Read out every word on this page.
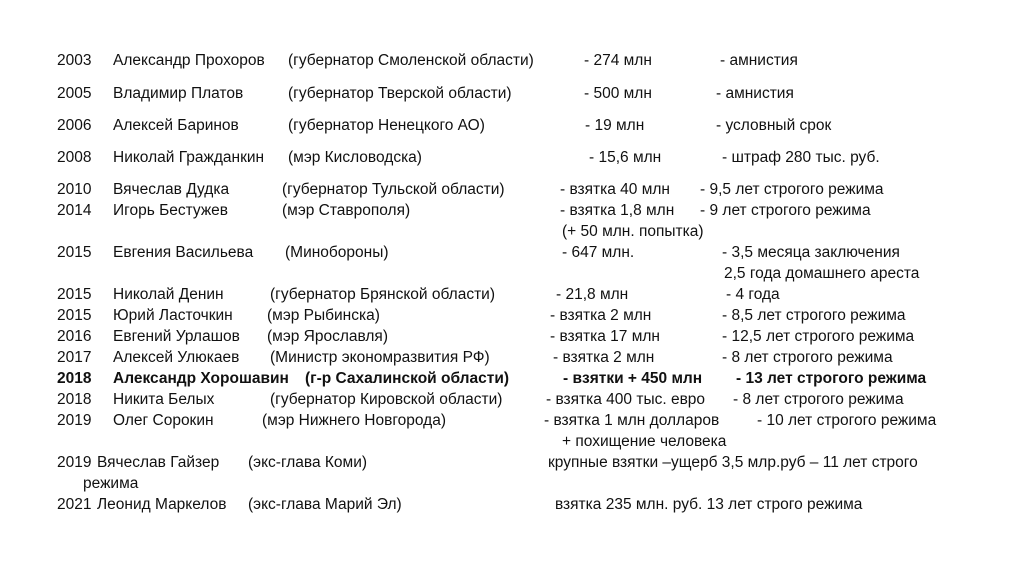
2003 Александр Прохоров (губернатор Смоленской области)	- 274 млн	- амнистия
2005 Владимир Платов	(губернатор Тверской области)	- 500 млн	- амнистия
2006 Алексей Баринов	(губернатор Ненецкого АО)	- 19 млн	- условный срок
2008 Николай Гражданкин (мэр Кисловодска)	- 15,6 млн	- штраф 280 тыс. руб.
2010 Вячеслав Дудка	(губернатор Тульской области)	- взятка 40 млн - 9,5 лет строгого режима
2014 Игорь Бестужев	(мэр Ставрополя)	- взятка 1,8 млн - 9 лет строгого режима
(+ 50 млн. попытка)
2015 Евгения Васильева (Минобороны)	- 647 млн.	- 3,5 месяца заключения
2,5 года домашнего ареста
2015 Николай Денин	(губернатор Брянской области)	- 21,8 млн	- 4 года
2015 Юрий Ласточкин (мэр Рыбинска)	- взятка 2 млн	- 8,5 лет строгого режима
2016 Евгений Урлашов (мэр Ярославля)	- взятка 17 млн	- 12,5 лет строгого режима
2017 Алексей Улюкаев (Министр экономразвития РФ)	- взятка 2 млн	- 8 лет строгого режима
2018 Александр Хорошавин (г-р Сахалинской области)	- взятки + 450 млн - 13 лет строгого режима
2018 Никита Белых	(губернатор Кировской области)	- взятка 400 тыс. евро - 8 лет строгого режима
2019 Олег Сорокин	(мэр Нижнего Новгорода)	- взятка 1 млн долларов - 10 лет строгого режима
+ похищение человека
2019 Вячеслав Гайзер (экс-глава Коми)	крупные взятки –ущерб 3,5 млр.руб – 11 лет строго
режима
2021 Леонид Маркелов (экс-глава Марий Эл)	взятка 235 млн. руб. 13 лет строго режима
